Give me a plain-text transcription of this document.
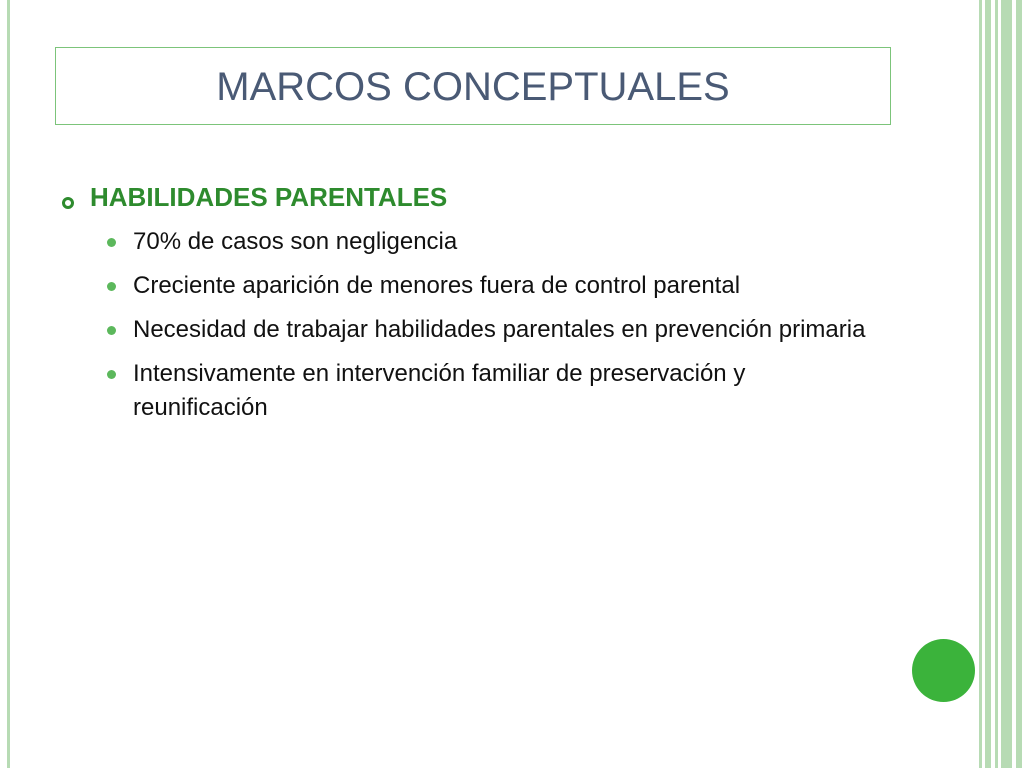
MARCOS CONCEPTUALES
HABILIDADES PARENTALES
70% de casos son negligencia
Creciente aparición de menores fuera de control parental
Necesidad de trabajar habilidades parentales en prevención primaria
Intensivamente en intervención familiar de preservación y reunificación
